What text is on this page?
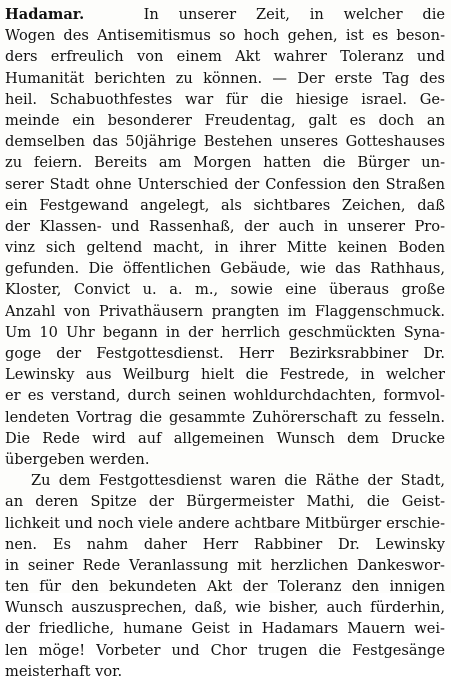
Hadamar.	In unserer Zeit, in welcher die
Wogen des Antisemitismus so hoch gehen, ist es beson-
ders erfreulich von einem Akt wahrer Toleranz und
Humanität berichten zu können. — Der erste Tag des
heil. Schabuothfestes war für die hiesige israel. Ge-
meinde ein besonderer Freudentag, galt es doch an
demselben das 50jährige Bestehen unseres Gotteshauses
zu feiern. Bereits am Morgen hatten die Bürger un-
serer Stadt ohne Unterschied der Confession den Straßen
ein Festgewand angelegt, als sichtbares Zeichen, daß
der Klassen- und Rassenhaß, der auch in unserer Pro-
vinz sich geltend macht, in ihrer Mitte keinen Boden
gefunden. Die öffentlichen Gebäude, wie das Rathhaus,
Kloster, Convict u. a. m., sowie eine überaus große
Anzahl von Privathäusern prangten im Flaggenschmuck.
Um 10 Uhr begann in der herrlich geschmückten Syna-
goge der Festgottesdienst. Herr Bezirksrabbiner Dr.
Lewinsky aus Weilburg hielt die Festrede, in welcher
er es verstand, durch seinen wohldurchdachten, formvol-
lendeten Vortrag die gesammte Zuhörerschaft zu fesseln.
Die Rede wird auf allgemeinen Wunsch dem Drucke
übergeben werden.
Zu dem Festgottesdienst waren die Räthe der Stadt,
an deren Spitze der Bürgermeister Mathi, die Geist-
lichkeit und noch viele andere achtbare Mitbürger erschie-
nen. Es nahm daher Herr Rabbiner Dr. Lewinsky
in seiner Rede Veranlassung mit herzlichen Dankeswor-
ten für den bekundeten Akt der Toleranz den innigen
Wunsch auszusprechen, daß, wie bisher, auch fürderhin,
der friedliche, humane Geist in Hadamars Mauern wei-
len möge! Vorbeter und Chor trugen die Festgesänge
meisterhaft vor.
